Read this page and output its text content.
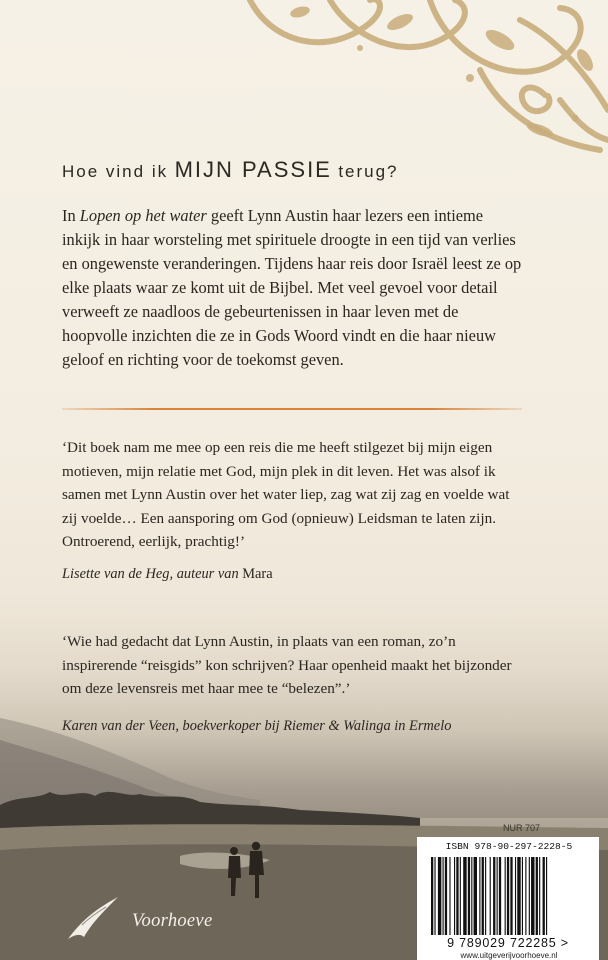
Hoe vind ik MIJN PASSIE terug?

In Lopen op het water geeft Lynn Austin haar lezers een intieme inkijk in haar worsteling met spirituele droogte in een tijd van verlies en ongewenste veranderingen. Tijdens haar reis door Israël leest ze op elke plaats waar ze komt uit de Bijbel. Met veel gevoel voor detail verweeft ze naadloos de gebeurtenissen in haar leven met de hoopvolle inzichten die ze in Gods Woord vindt en die haar nieuw geloof en richting voor de toekomst geven.

‘Dit boek nam me mee op een reis die me heeft stilgezet bij mijn eigen motieven, mijn relatie met God, mijn plek in dit leven. Het was alsof ik samen met Lynn Austin over het water liep, zag wat zij zag en voelde wat zij voelde… Een aansporing om God (opnieuw) Leidsman te laten zijn. Ontroerend, eerlijk, prachtig!’

Lisette van de Heg, auteur van Mara

‘Wie had gedacht dat Lynn Austin, in plaats van een roman, zo’n inspirerende “reisgids” kon schrijven? Haar openheid maakt het bijzonder om deze levensreis met haar mee te “belezen”.’

Karen van der Veen, boekverkoper bij Riemer & Walinga in Ermelo

NUR 707
ISBN 978-90-297-2228-5
9 789029 722285 >
www.uitgeverijvoorhoeve.nl
Voorhoeve
